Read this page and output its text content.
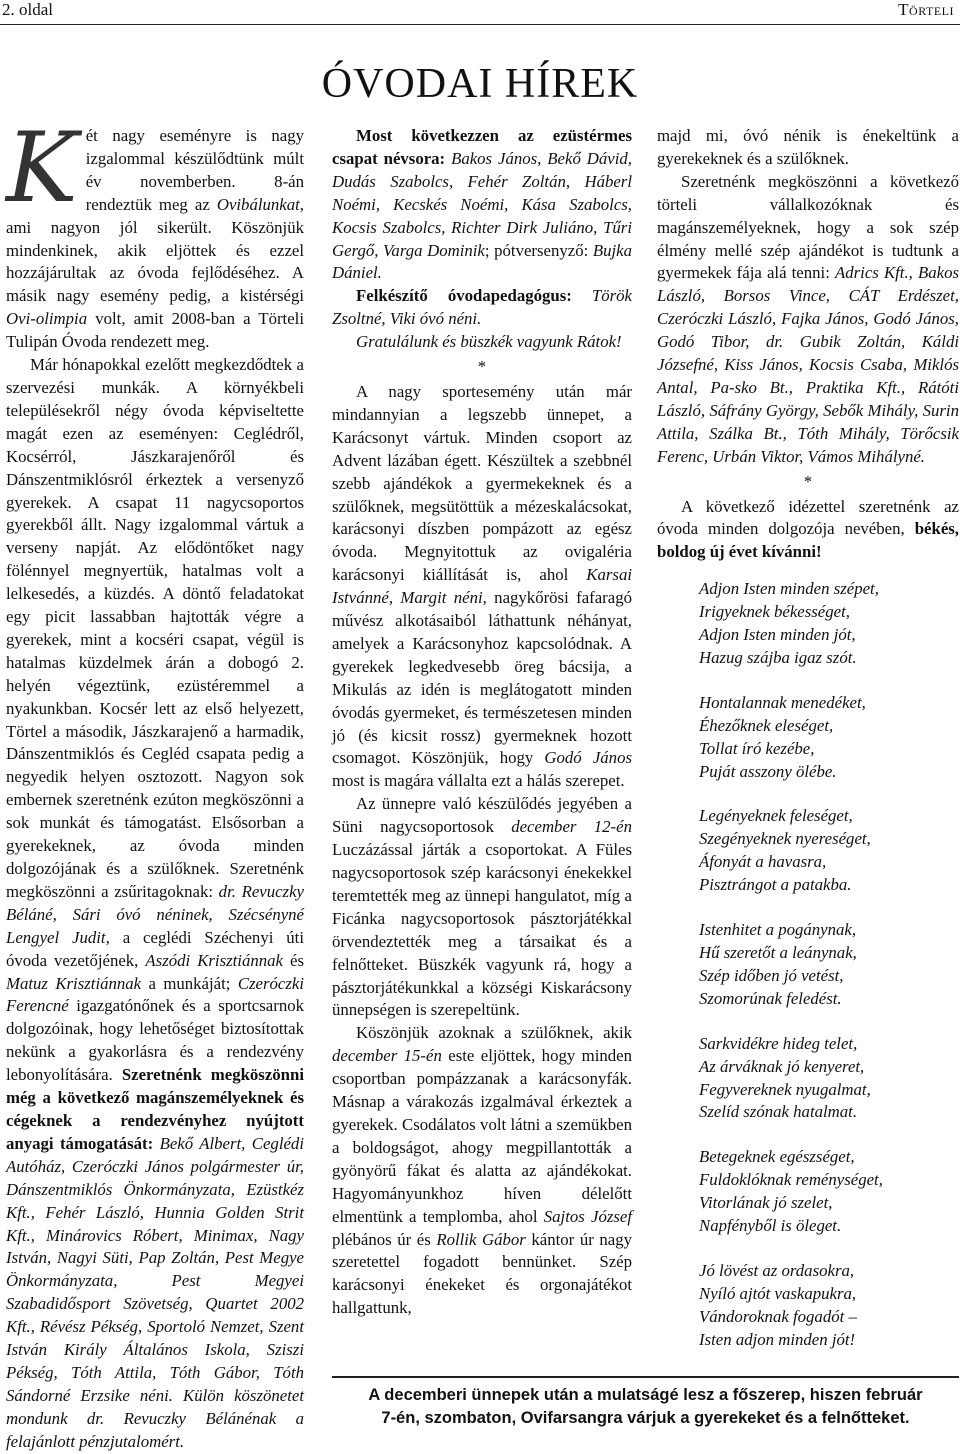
2. oldal	Törteli
ÓVODAI HÍREK

Két nagy eseményre is nagy izgalommal készülődtünk múlt év novemberben. 8-án rendeztük meg az Ovibálunkat, ami nagyon jól sikerült. Köszönjük mindenkinek, akik eljöttek és ezzel hozzájárultak az óvoda fejlődéséhez. A másik nagy esemény pedig, a kistérségi Ovi-olimpia volt, amit 2008-ban a Törteli Tulipán Óvoda rendezett meg.

Már hónapokkal ezelőtt megkezdődtek a szervezési munkák. A környékbeli településekről négy óvoda képviseltette magát ezen az eseményen: Ceglédről, Kocsérról, Jászkarajenőről és Dánszentmiklósról érkeztek a versenyző gyerekek. A csapat 11 nagycsoportos gyerekből állt. Nagy izgalommal vártuk a verseny napját. Az elődöntőket nagy fölénnyel megnyertük, hatalmas volt a lelkesedés, a küzdés. A döntő feladatokat egy picit lassabban hajtották végre a gyerekek, mint a kocséri csapat, végül is hatalmas küzdelmek árán a dobogó 2. helyén végeztünk, ezüstéremmel a nyakunkban. Kocsér lett az első helyezett, Törtel a második, Jászkarajenő a harmadik, Dánszentmiklós és Cegléd csapata pedig a negyedik helyen osztozott. Nagyon sok embernek szeretnénk ezúton megköszönni a sok munkát és támogatást. Elsősorban a gyerekeknek, az óvoda minden dolgozójának és a szülőknek. Szeretnénk megköszönni a zsűritagoknak: dr. Revuczky Béláné, Sári óvó néninek, Szécsényné Lengyel Judit, a ceglédi Széchenyi úti óvoda vezetőjének, Aszódi Krisztiánnak és Matuz Krisztiánnak a munkáját; Czeróczki Ferencné igazgatónőnek és a sportcsarnok dolgozóinak, hogy lehetőséget biztosítottak nekünk a gyakorlásra és a rendezvény lebonyolítására. Szeretnénk megköszönni még a következő magánszemélyeknek és cégeknek a rendezvényhez nyújtott anyagi támogatását: Bekő Albert, Ceglédi Autóház, Czeróczki János polgármester úr, Dánszentmiklós Önkormányzata, Ezüstkéz Kft., Fehér László, Hunnia Golden Strit Kft., Minárovics Róbert, Minimax, Nagy István, Nagyi Süti, Pap Zoltán, Pest Megye Önkormányzata, Pest Megyei Szabadidősport Szövetség, Quartet 2002 Kft., Révész Pékség, Sportoló Nemzet, Szent István Király Általános Iskola, Sziszi Pékség, Tóth Attila, Tóth Gábor, Tóth Sándorné Erzsike néni. Külön köszönetet mondunk dr. Revuczky Bélánénak a felajánlott pénzjutalomért.

Most következzen az ezüstérmes csapat névsora: Bakos János, Bekő Dávid, Dudás Szabolcs, Fehér Zoltán, Háberl Noémi, Kecskés Noémi, Kása Szabolcs, Kocsis Szabolcs, Richter Dirk Juliáno, Tűri Gergő, Varga Dominik; pótversenyző: Bujka Dániel.

Felkészítő óvodapedagógus: Török Zsoltné, Viki óvó néni.

Gratulálunk és büszkék vagyunk Rátok!

*

A nagy sportesemény után már mindannyian a legszebb ünnepet, a Karácsonyt vártuk. Minden csoport az Advent lázában égett. Készültek a szebbnél szebb ajándékok a gyermekeknek és a szülőknek, megsütöttük a mézeskalácsokat, karácsonyi díszben pompázott az egész óvoda. Megnyitottuk az ovigaléria karácsonyi kiállítását is, ahol Karsai Istvánné, Margit néni, nagykőrösi fafaragó művész alkotásaiból láthattunk néhányat, amelyek a Karácsonyhoz kapcsolódnak. A gyerekek legkedvesebb öreg bácsija, a Mikulás az idén is meglátogatott minden óvodás gyermeket, és természetesen minden jó (és kicsit rossz) gyermeknek hozott csomagot. Köszönjük, hogy Godó János most is magára vállalta ezt a hálás szerepet.

Az ünnepre való készülődés jegyében a Süni nagycsoportosok december 12-én Luczázással járták a csoportokat. A Füles nagycsoportosok szép karácsonyi énekekkel teremtették meg az ünnepi hangulatot, míg a Ficánka nagycsoportosok pásztorjátékkal örvendeztették meg a társaikat és a felnőtteket. Büszkék vagyunk rá, hogy a pásztorjátékunkkal a községi Kiskarácsony ünnepségen is szerepeltünk.

Köszönjük azoknak a szülőknek, akik december 15-én este eljöttek, hogy minden csoportban pompázzanak a karácsonyfák. Másnap a várakozás izgalmával érkeztek a gyerekek. Csodálatos volt látni a szemükben a boldogságot, ahogy megpillantották a gyönyörű fákat és alatta az ajándékokat. Hagyományunkhoz híven délelőtt elmentünk a templomba, ahol Sajtos József plébános úr és Rollik Gábor kántor úr nagy szeretettel fogadott bennünket. Szép karácsonyi énekeket és orgonajátékot hallgattunk,

majd mi, óvó nénik is énekeltünk a gyerekeknek és a szülőknek.

Szeretnénk megköszönni a következő törteli vállalkozóknak és magánszemélyeknek, hogy a sok szép élmény mellé szép ajándékot is tudtunk a gyermekek fája alá tenni: Adrics Kft., Bakos László, Borsos Vince, CÁT Erdészet, Czeróczki László, Fajka János, Godó János, Godó Tibor, dr. Gubik Zoltán, Káldi Józsefné, Kiss János, Kocsis Csaba, Miklós Antal, Pa-sko Bt., Praktika Kft., Rátóti László, Sáfrány György, Sebők Mihály, Surin Attila, Szálka Bt., Tóth Mihály, Törőcsik Ferenc, Urbán Viktor, Vámos Mihályné.

*

A következő idézettel szeretnénk az óvoda minden dolgozója nevében, békés, boldog új évet kívánni!

Adjon Isten minden szépet,
Irigyeknek békességet,
Adjon Isten minden jót,
Hazug szájba igaz szót.
Hontalannak menedéket,
Éhezőknek eleséget,
Tollat író kezébe,
Puját asszony ölébe.
Legényeknek feleséget,
Szegényeknek nyereséget,
Áfonyát a havasra,
Pisztrángot a patakba.
Istenhitet a pogánynak,
Hű szeretőt a leánynak,
Szép időben jó vetést,
Szomorúnak feledést.
Sarkvidékre hideg telet,
Az árváknak jó kenyeret,
Fegyvereknek nyugalmat,
Szelíd szónak hatalmat.
Betegeknek egészséget,
Fuldoklóknak reménységet,
Vitorlának jó szelet,
Napfényből is öleget.
Jó lövést az ordasokra,
Nyíló ajtót vaskapukra,
Vándoroknak fogadót –
Isten adjon minden jót!
A decemberi ünnepek után a mulatságé lesz a főszerep, hiszen február
7-én, szombaton, Ovifarsangra várjuk a gyerekeket és a felnőtteket.
